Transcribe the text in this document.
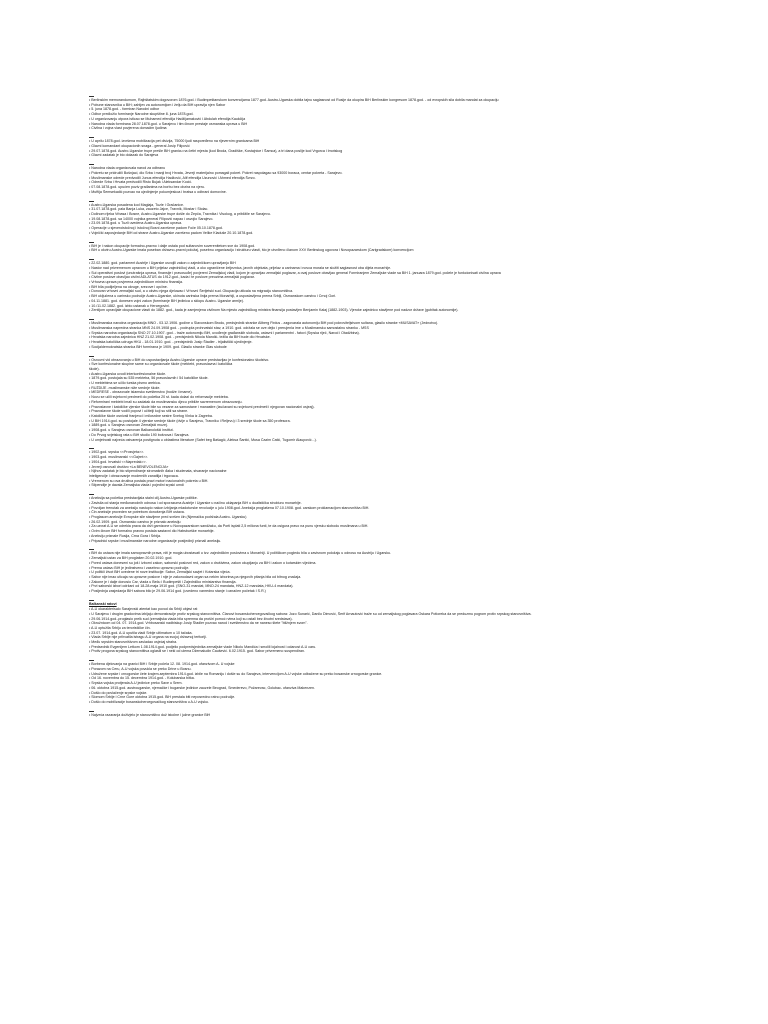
• Berlinskim memorandumom, Rajhštatskim dogovorom 1876.god. i Budimpeštanskom konvencijama 1877.god. Austro-Ugarska dobila tajnu saglasnost od Rusije da okupira BiH Berlinskim kongresom 1878.god. - od evropskih sila dobila mandat za okupaciju
• Pobune stanovnika u BiH; zahtjev za autonomijom i želju da BiH upravlja njen Sabor
• 5. juna 1878.god. - formiran Narodni odbor
• Odbor predložio formiranje Narodne skupštine 8. juna 1878.god.
• U organizovanju otpora isticao se Muhamed efendija Hadžijamaković i Abdulah efendija Kaukčija
• Narodna vlada formirana 28.07.1878.god. u Sarajevu i tim činom prestaje osmanska uprava u BiH
• Civilna i vojna vlast povjerena domaćim ljudima
• U aprilu 1878.god. izvršena mobilizacija pet divizija, 75000 ljudi raspoređeno na rijeverním granicama BiH
• Glavni komandant okupacionih snaga - general Josip Filipović
• 29.07.1878.god. Austro-Ugarske trupe prešle BiH granicu na četiri mjesta (kod Broda, Gradiške, Kostajnice i Šamca), a tri dana poslije kod Vrgorca i Imotskog
• Glavni zadatak je bio dolazak do Sarajeva
• Narodna vlada organizovala narod za odbranu
• Pokretu se pridružili Bošnjaci, dio Srba i manji broj Hrvata, Jevreji materijalno pomagali pokret. Pokret raspolagao sa 93000 boraca, centar pokreta - Sarajevo.
• Muslimanske odrede predvodili Junus efendija Hadžović, Alif efendija Uzunović i Ahmed efendija Švrzo.
• Odrede Srba i Hrvata predvodili Risto Bujak i Aleksandar Kocić.
• 07.08.1878.god. upućen poziv građanima na borbu bez obzira na vjeru.
• Muftija Šemsekadić pozvao na ujedinjenje pokumjeskoa i bratsa u odbrani domovine.
• Austro-Ugarska posadena kod Maglaja, Tuzle i Gračanice.
• 31.07.1878.god. pala Banja Luka, zauzeto Jajce, Travnik, Mostar i Stolac.
• Dolinom rijeka Vrbasa i Bosne, Austro-Ugarske trupe došle do Žepča, Travnika i Visokog, a približile se Sarajevu.
• 19.08.1878.god. sa 14000 vojnika general Filipović napao i osvojio Sarajevo.
• 23.09.1878.god. u Tuzli uvedena Austro-Ugarska uprava.
• Operacije u sjeveroistočnoj i istočnoj Bosni završene padom Foče 05.10.1878.god.
• Vojnički zaposjedanje BiH od strane Austro-Ugarske završeno padom Velike Kladuše 20.10.1878.god.
• BiH je i nakon okupacije formalno-pravno i dalje ostala pod sultanovim suverenitetom sve do 1908.god.
• BiH u okviru Austro-Ugarske imala poseban državno-pravni položaj, posebnu organizaciju i strukturu vlasti, što je utvrđeno članom XXV Berlinskog ugovora i Novopazarskom (Carigradskom) konvencijom
• 22.02.1880. god. parlament Austrije i Ugarske usvojili zakon o zajedničkom upravljanju BiH
• Nastor nad privremenom upravom u BiH prijelaz zajedničkoj vladi, a oko ograničene željeznica, javnih objekata, prijelaz a carinama i novca morala se složiti saglasnost oba dijela monarhije.
• Sui operativni poslovi (unutrašnja uprava, finansije i pravosuđe) povjereni Zemaljskoj vladi, kojom je upravljao zemaljski poglavar, a ovaj poslove obavljao general Formiranjem Zemaljske vlade sa BiH 1. januara 1879.god. počele je funkcionisati civilna uprava
• Civilne poslove obavljao civilni ADLATUS do 1912.god., kada i te poslove preuzima zemaljski poglavar.
• Vrhovna uprava povjerena zajedničkom ministru finansija.
• BiH bila podijeljena na okruge, srezove i općine.
• Donovan vrhovni zemaljski sud, a u okviru njega djeluwao i Vrhovni Šerijetski sud. Okupacija utiicala na migraciju stanovništva.
• BiH uključena u carinsko područje Austro-Ugarske, ukinuta carinska linija prema Monarhiji, a uspostavljena prema Srbiji, Osmanskom carstvu i Crnoj Gori.
• 04.11.1881. god. donesen vojni zakon (formiranje BiH jedinica u sklopu Austro- Ugarske armije).
• 10./11.02.1882. god. izbio ustanak u Hercegovini.
• Zentijom upravljale okupacione vlasti do 1882. god., kada je zamjenjena civilnom Na mjesto zajedničkog ministra finansija postavljen Benjamin Kalaj (1882-1903). Vjeroke zajednico stavljene pod nadzor države (gubitak autonomije).
• Muslimanska narodna organizacija MNO - 03.12.1906. godine u Slavonskom Brodu, predsjednik stranke Aliberg Firdus - zagovarala autonomiju BiH pod pokroviteljstvom sultana, glasilo stranke «MUSAVAT» (Jednotvo).
• Muslimanska napredna stranka MNS 24.09.1908 god. - podrupla prohrvatski stav, a 1910. god. održala se ove dejio i prerujenla ime u Muslimansku samostalnu stranku - MSS
• Srpska narodna organizacija SNO 27.10.1907. god. - traže autonomiju BiH, uvođenje građanskih slobodа, ustavni i parlamentni - fatovi (Srpska riječ, Narod i Otadžbina).
• Hrvatska narodna zajednica HNZ 21.02.1908. god. - predsjednik Nikola Mandić- težila da BiH bude dio Hrvatske.
• Hrvatska katolička udruga HKU - 18.01.1910. god. - predsjednik Josip Štadler - trijalistički ujedinjenje.
• Socijaldemokratska stranka BiH formirana je 1909. god. Glasilo stranke Glas slobode
• Osnovni vid obrazovanja u BiH do uspostavljanja Austro-Ugarske uprave predstavljao je konfesionalno školstvo.
• Sve konfesionalne skupine same su organizovale škole (mektebi, pravoslavna i katolička
škole).
• Austro-Ugarska uvodi interkonfesionalne škole.
• 1879.god. postojala su 535 mekteba, 56 pravoslavnih i 54 katoličke škole.
• U mektebima se učilo turska pismo arebica.
• RUŽDIJE -muslimanske niže srednje škole.
• MEDRESE - obrazovale islamsko sveštenstvo (hodže i imame).
• Novu se učili svjetovni predmeti do početka 20 st. kada dolazi do reformacije mekteba.
• Reformirani mektebi imali su zadatak da muslimansku djecu približe savremenom obrazovanju.
• Pravoslavne i katoličke vjerske škole bile su vezane za samostane i manastire (izučavani su svjetovni predmeti i njegovan nacionalni osjeaj).
• Pravoslavne škole vodili popovi i učitelji koji su stili sa strane.
• Katoličke škole osnivali franjevci i milosrdne sestre Svetog Vinka iz Zagreba.
• U BiH 1914.god. su postojale 4 vjerske srednje škole (dvije u Sarajevu, Travniku i Reljevu) i 3 srednje škole sa 350 profesora.
• 1889.god. u Sarajevu osnovan Zemaljski muzej.
• 1908.god. u Sarajevu osnovan Balkanološki institut.
• Do Prvog svjetskog rata u BiH studio 190 bošnova i Sarajeva.
• U umjetnosti najveća ostvarenja postignuta u oblastima literature (Safet beg Bašagić, Aleksa Šantić, Musa Ćazim Ćatić, Tugomir Alaupović...).
• 1902.god. srpska <<Prosvjeta>>.
• 1903.god. muslimanski <<Gajret>>.
• 1904.god. hrvatski <<Napredak>>.
• Jevreji osnovali društvo «La BENEVOLENCIJA»
• Njihov zadatak je bio stipendiranje siromašnih đaka i studenata, stvaranje nacionalne
inteligencije i obrazovanje moderniih zanatlija i trgovaca.
• Vremenom su ova društva postala pravi motori nacionalnih pokreta u BiH.
• Stipendije je davala Zemaljska vlada i pojedini srpski umdi
• Aneksija sa početka predstavljala stalni cilj Austro-Ugarske politike.
• Zavisila od stanja međunarodnih odnosa i od sporazuma Austrije i Ugarske u načinu uklapanja BiH u dualistička strukturu monarhije.
• Povoljan trenutak za aneksiju nastupio nakon izbijanja mladoturske revolucije u julu 1908.god. Aneksija proglašena 07.10.1908. god. carskom proklamacijom stanovništvu BiH.
• Čin aneksije proveden se potrebom donošenja BiH ustava.
• Proglasom aneksije Evropske sile stavljene pred svršen čin (Njemačka podržala Austro- Ugarsku)
• 26.02.1909. god. Osmansko carstvo je priznalo aneksiju
• Za uzvrat A-U se odrekla prava da drži garnizone u Novopazarskom sandžaku, da Porti isplati 2,5 miliona funti, te da osigura pravo na punu vjersku slobodu muslimana u BiH.
• Ovim činom BiH formalno pravno postala sastavni dio Habsburške monarhije.
• Aneksiju priznale Rusija, Crna Gora i Srbija.
• Pripadnici srpske i muslimanske narodne organizacije postjedinji priznali aneksiju.
• BiH do ustava nije imala samopravnih prava, niti je mogla ubostavati u tzv. zajedničkim poslovima u Monarhiji. U političkom pogledu bila u zavisnom položaju u odnosu na Austriju i Ugarsku.
• Zemaljski ustav za BiH proglašen 20.02.1910. god.
• Pored ustava doneseni su još i izborni zakon, saborski poslovni red, zakon o društvima, zakon okupljanju za BiH i zakon o kotarskim vijećima.
• Prema ustavu BiH je jedinstveno i zasebno upravno područje.
• U političi život BiH uvedene tri nove institucije: Sabor, Zemaljski savjet i Kotarska vijeća.
• Sabor nije imao uticaja na upravne poslove i nije je zakonodavni organ sa nekim izborima,pa njegovih pitanja bila od bitnog značaja.
• Zakone je i dalje donosio Car, vlada u Beču i Budimpešti i Zajedničko ministarstvo finansija.
• Prvi saborski izbori održani od 18-28.maja 1910 god. (SNO-31 mandat, MNO-24 mandata, HNZ-12 mandata, HKU-4 mandata).
• Posljednja zasjedanja BiH sabora bilo je 29.06.1914 god. (uvedeno vanredno stanje i označen početak I S.R.)
Balkanski ratovi
• A-U okarakterisalo Sarajevski atentat kao povod da Srbiji objavi rat
• U Sarajevu i drugim gradovima izbijaju demonstracije protiv srpskog stanovništva. Članovi bosanskohercegovačkog sabora: Jozo Sunarić, Danilo Dimović, Šerif Arnautović traže su od zemaljskog poglavara Oskara Potioreka da se preduzmu pogrom protiv srpskog stanovništva.
• 29.06.1914.god.-progłasio prelk sud (zemaljska vlada bila spremna da proširi pomoć rvima koji su ostali bez životni sredstava).
• Okružnicom od 04. 07. 1914.god. Vrhbosanski nadbiskup Josip Štadler pozvao narod i sveštenstvo da ne naneso štete "bližnjem svom".
• A-U optužila Srbiju za terorističke čin.
• 23.07. 1914.god. A-U uputila vladi Srbije ultimatum u 10 tačaka.
• Vlada Srbije nije prihvatila istragu A-U organa na svojoj državnoj teritoriji.
• Među srpskim stanovništvom zavladao osjećaj straha.
• Predsednik Evgenijem Letkom 1.08.1914.god. podjelio podpredsjednika zemaljske vlade Nikolu Mandića i smolili lojalnost i odanost A-U caru.
• Protiv progona srpskog stanovništva oglasili se i neki od ulema Džemaludin Čaušević. 6.02.1915. god. Sabor privremeno suspendiran.
• Borbena djelovanja na granici BiH i Srbije počela 12. 08. 1914.god. ofanzivom A- U vojske
• Porazom na Ceru, A-U vojska povukla se preko Drine u Bosnu.
• Udružene srpske i crnogorske čete krajem-septembra 1914.god. izbile na Romaniju i došle su do Sarajeva, intervencijom A-U vojske odbačene su preko bosanske crnogorske granice.
• Od 16. novembra do 15. decembra 1914.god. - Kolubarska bitka.
• Srpska vojska protjerala A-U jedinice preko Save u Srem.
• 06. oktobra 1915.god. austrougarske, njemačke i bugarske jedinice zauzele Beograd, Smederevo, Požarevac, Golubac- ofanziva Makenzen.
• Došlo do povlačenje srpske vojske.
• Slomom Srbije i Crne Gore oktobra 1915.god. BiH prestala biti neposredno ratno područje.
• Došlo do mobilizacije bosanskohercegovačkog stanovništva u A-U vojsku.
• Najveća razaranja doživjelo je stanovništvo duž istočne i južne granice BiH
